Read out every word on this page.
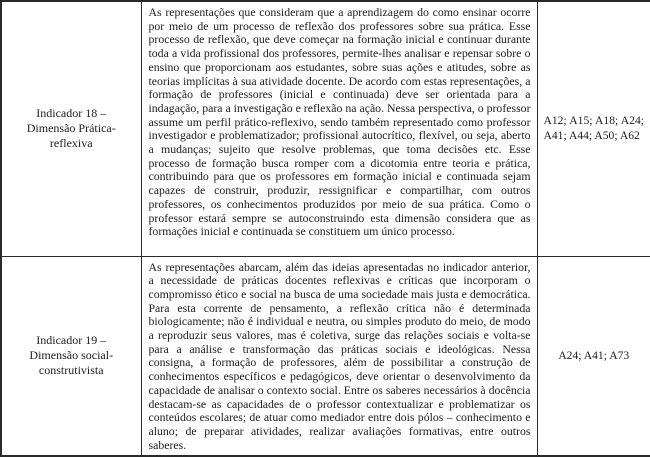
Indicador 18 – Dimensão Prática-reflexiva	As representações que consideram que a aprendizagem do como ensinar ocorre por meio de um processo de reflexão dos professores sobre sua prática. Esse processo de reflexão, que deve começar na formação inicial e continuar durante toda a vida profissional dos professores, permite-lhes analisar e repensar sobre o ensino que proporcionam aos estudantes, sobre suas ações e atitudes, sobre as teorias implícitas à sua atividade docente. De acordo com estas representações, a formação de professores (inicial e continuada) deve ser orientada para a indagação, para a investigação e reflexão na ação. Nessa perspectiva, o professor assume um perfil prático-reflexivo, sendo também representado como professor investigador e problematizador; profissional autocrítico, flexível, ou seja, aberto a mudanças; sujeito que resolve problemas, que toma decisões etc. Esse processo de formação busca romper com a dicotomia entre teoria e prática, contribuindo para que os professores em formação inicial e continuada sejam capazes de construir, produzir, ressignificar e compartilhar, com outros professores, os conhecimentos produzidos por meio de sua prática. Como o professor estará sempre se autoconstruindo esta dimensão considera que as formações inicial e continuada se constituem um único processo.	A12; A15; A18; A24; A41; A44; A50; A62

Indicador 19 – Dimensão social-construtivista	As representações abarcam, além das ideias apresentadas no indicador anterior, a necessidade de práticas docentes reflexivas e críticas que incorporam o compromisso ético e social na busca de uma sociedade mais justa e democrática. Para esta corrente de pensamento, a reflexão crítica não é determinada biologicamente; não é individual e neutra, ou simples produto do meio, de modo a reproduzir seus valores, mas é coletiva, surge das relações sociais e volta-se para a análise e transformação das práticas sociais e ideológicas. Nessa consigna, a formação de professores, além de possibilitar a construção de conhecimentos específicos e pedagógicos, deve orientar o desenvolvimento da capacidade de analisar o contexto social. Entre os saberes necessários à docência destacam-se as capacidades de o professor contextualizar e problematizar os conteúdos escolares; de atuar como mediador entre dois pólos – conhecimento e aluno; de preparar atividades, realizar avaliações formativas, entre outros saberes.	A24; A41; A73
